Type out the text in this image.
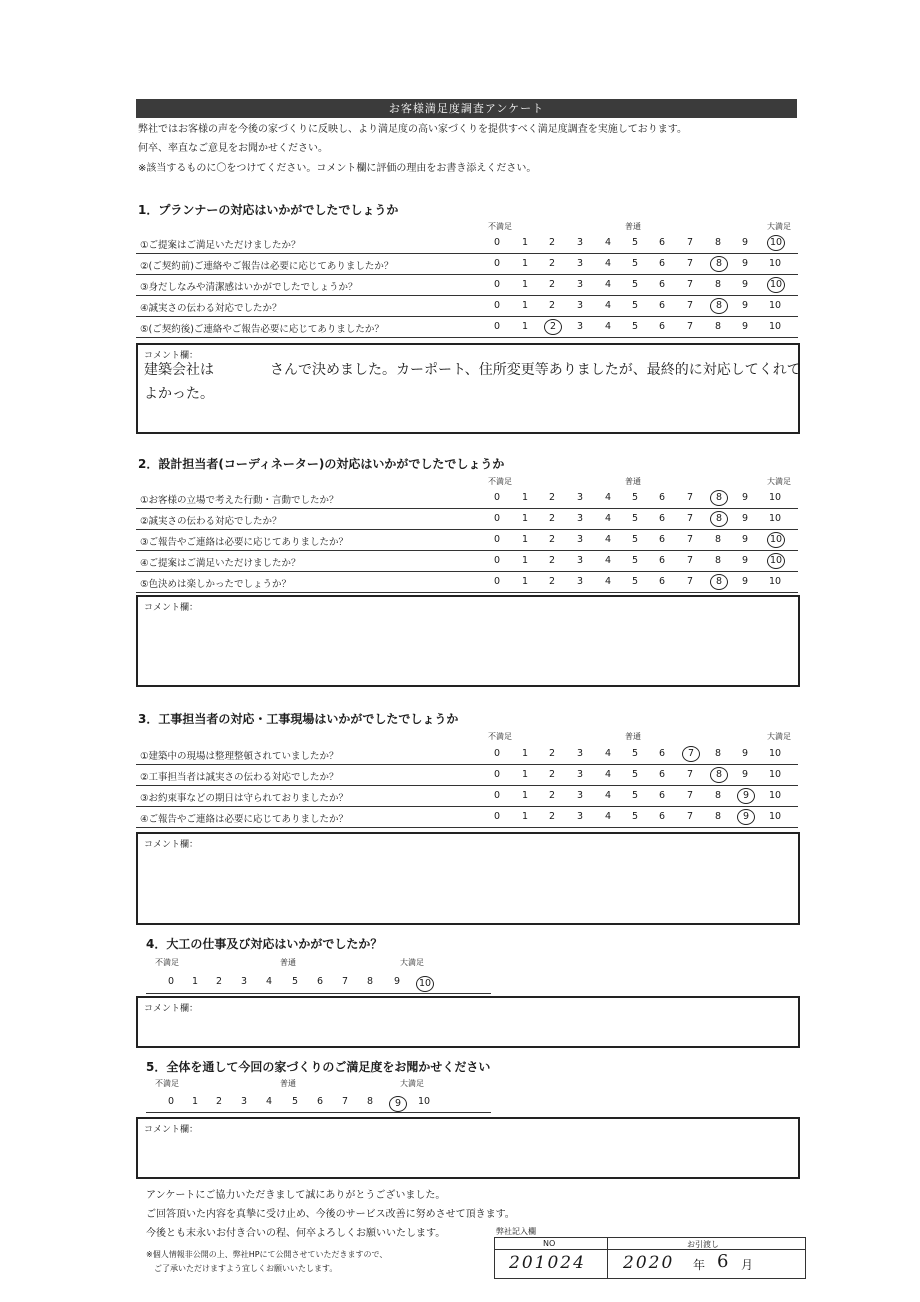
お客様満足度調査アンケート
弊社ではお客様の声を今後の家づくりに反映し、より満足度の高い家づくりを提供すべく満足度調査を実施しております。
何卒、率直なご意見をお聞かせください。
※該当するものに〇をつけてください。コメント欄に評価の理由をお書き添えください。
1．プランナーの対応はいかがでしたでしょうか
不満足	普通	大満足
①ご提案はご満足いただけましたか？	0	1	2	3	4	5	6	7	8	9	10
②(ご契約前)ご連絡やご報告は必要に応じてありましたか？	0	1	2	3	4	5	6	7	8	9	10
③身だしなみや清潔感はいかがでしたでしょうか？	0	1	2	3	4	5	6	7	8	9	10
④誠実さの伝わる対応でしたか？	0	1	2	3	4	5	6	7	8	9	10
⑤(ご契約後)ご連絡やご報告必要に応じてありましたか？	0	1	2	3	4	5	6	7	8	9	10
コメント欄：
建築会社は　　　　さんで決めました。カーポート、住所変更等ありましたが、最終的に対応してくれて
よかった。
2．設計担当者(コーディネーター)の対応はいかがでしたでしょうか
不満足	普通	大満足
①お客様の立場で考えた行動・言動でしたか？	0	1	2	3	4	5	6	7	8	9	10
②誠実さの伝わる対応でしたか？	0	1	2	3	4	5	6	7	8	9	10
③ご報告やご連絡は必要に応じてありましたか？	0	1	2	3	4	5	6	7	8	9	10
④ご提案はご満足いただけましたか？	0	1	2	3	4	5	6	7	8	9	10
⑤色決めは楽しかったでしょうか？	0	1	2	3	4	5	6	7	8	9	10
コメント欄：
3．工事担当者の対応・工事現場はいかがでしたでしょうか
不満足	普通	大満足
①建築中の現場は整理整頓されていましたか？	0	1	2	3	4	5	6	7	8	9	10
②工事担当者は誠実さの伝わる対応でしたか？	0	1	2	3	4	5	6	7	8	9	10
③お約束事などの期日は守られておりましたか？	0	1	2	3	4	5	6	7	8	9	10
④ご報告やご連絡は必要に応じてありましたか？	0	1	2	3	4	5	6	7	8	9	10
コメント欄：
4．大工の仕事及び対応はいかがでしたか？
不満足	普通	大満足
0	1	2	3	4	5	6	7	8	9	10
コメント欄：
5．全体を通して今回の家づくりのご満足度をお聞かせください
不満足	普通	大満足
0	1	2	3	4	5	6	7	8	9	10
コメント欄：
アンケートにご協力いただきまして誠にありがとうございました。
ご回答頂いた内容を真摯に受け止め、今後のサービス改善に努めさせて頂きます。
今後とも末永いお付き合いの程、何卒よろしくお願いいたします。
※個人情報非公開の上、弊社HPにて公開させていただきますので、
ご了承いただけますよう宜しくお願いいたします。
弊社記入欄
NO	お引渡し
201024 2020 年 6 月
